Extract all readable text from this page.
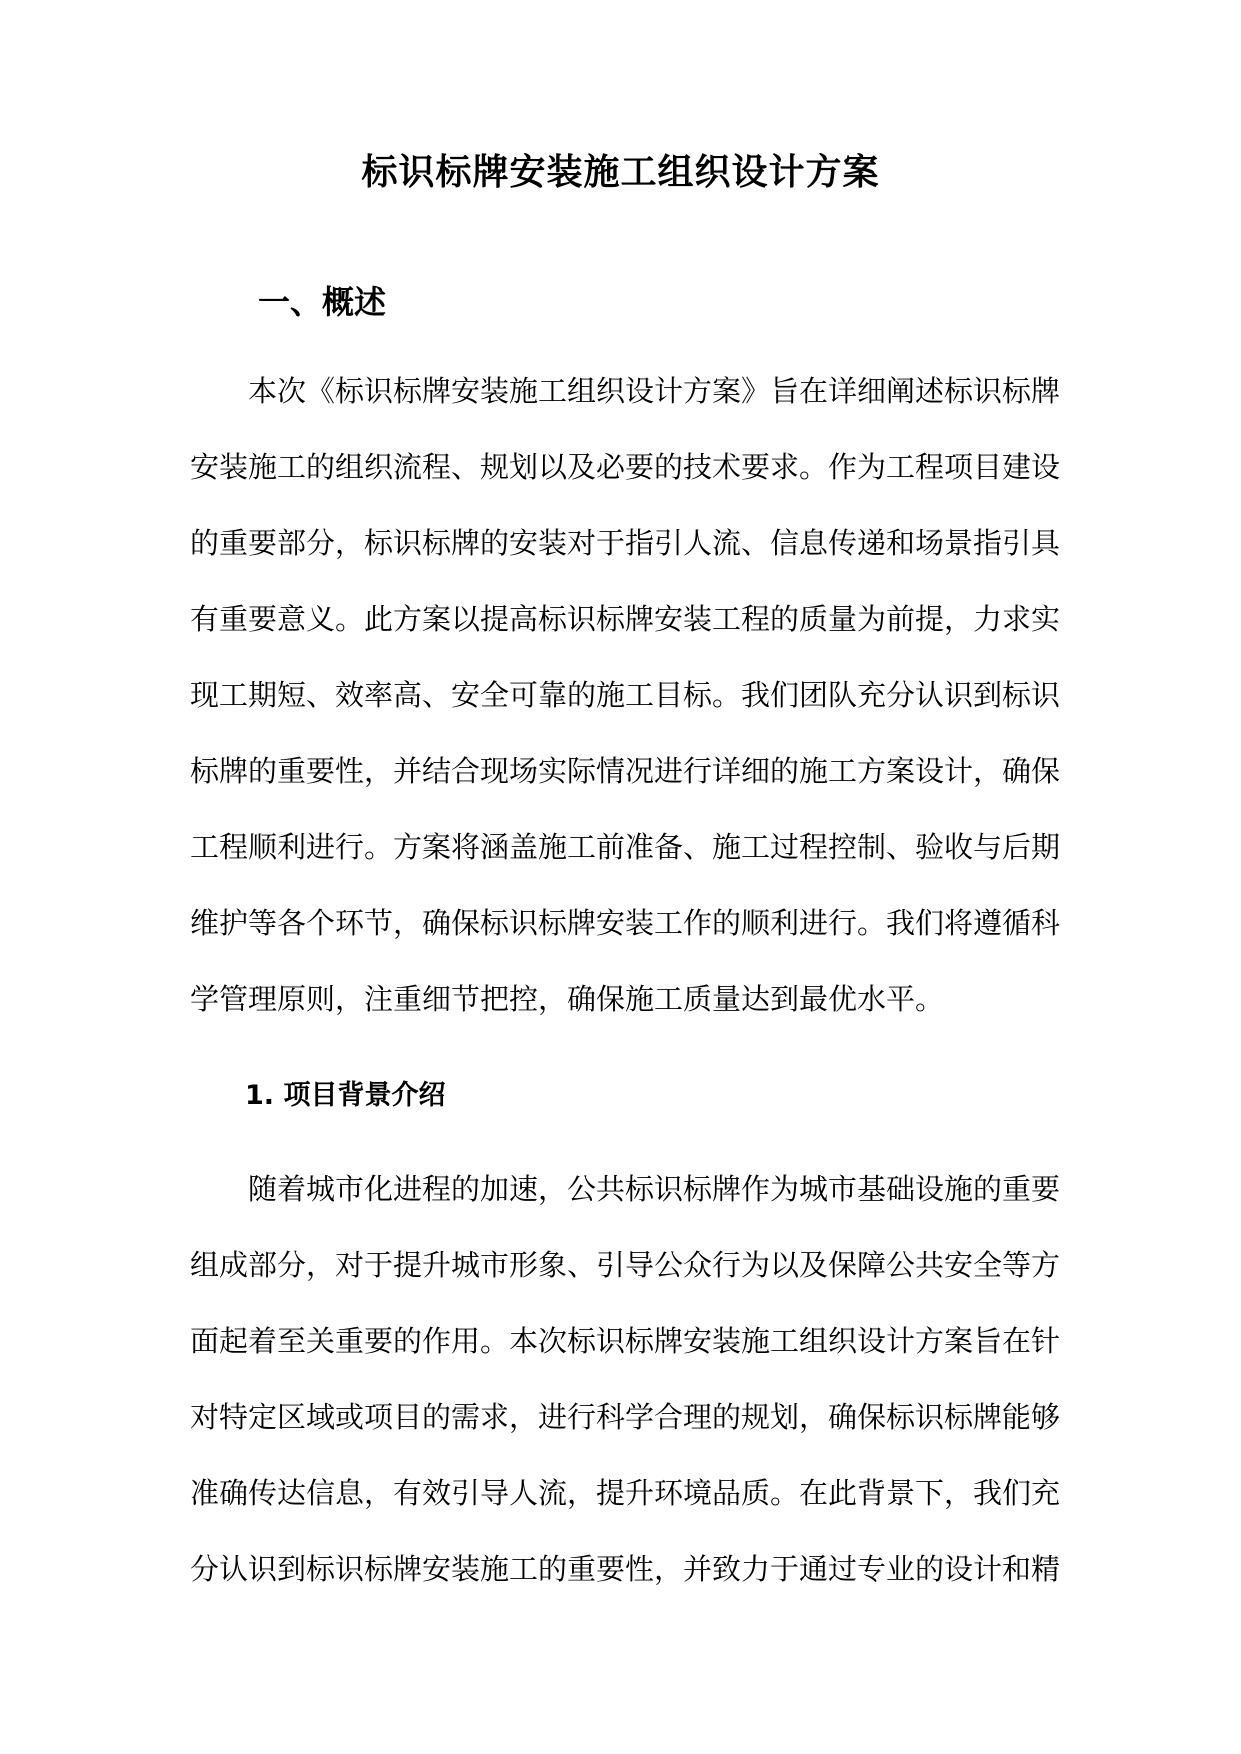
标识标牌安装施工组织设计方案
一、概述
本次《标识标牌安装施工组织设计方案》旨在详细阐述标识标牌
安装施工的组织流程、规划以及必要的技术要求。作为工程项目建设
的重要部分，标识标牌的安装对于指引人流、信息传递和场景指引具
有重要意义。此方案以提高标识标牌安装工程的质量为前提，力求实
现工期短、效率高、安全可靠的施工目标。我们团队充分认识到标识
标牌的重要性，并结合现场实际情况进行详细的施工方案设计，确保
工程顺利进行。方案将涵盖施工前准备、施工过程控制、验收与后期
维护等各个环节，确保标识标牌安装工作的顺利进行。我们将遵循科
学管理原则，注重细节把控，确保施工质量达到最优水平。
1. 项目背景介绍
随着城市化进程的加速，公共标识标牌作为城市基础设施的重要
组成部分，对于提升城市形象、引导公众行为以及保障公共安全等方
面起着至关重要的作用。本次标识标牌安装施工组织设计方案旨在针
对特定区域或项目的需求，进行科学合理的规划，确保标识标牌能够
准确传达信息，有效引导人流，提升环境品质。在此背景下，我们充
分认识到标识标牌安装施工的重要性，并致力于通过专业的设计和精
